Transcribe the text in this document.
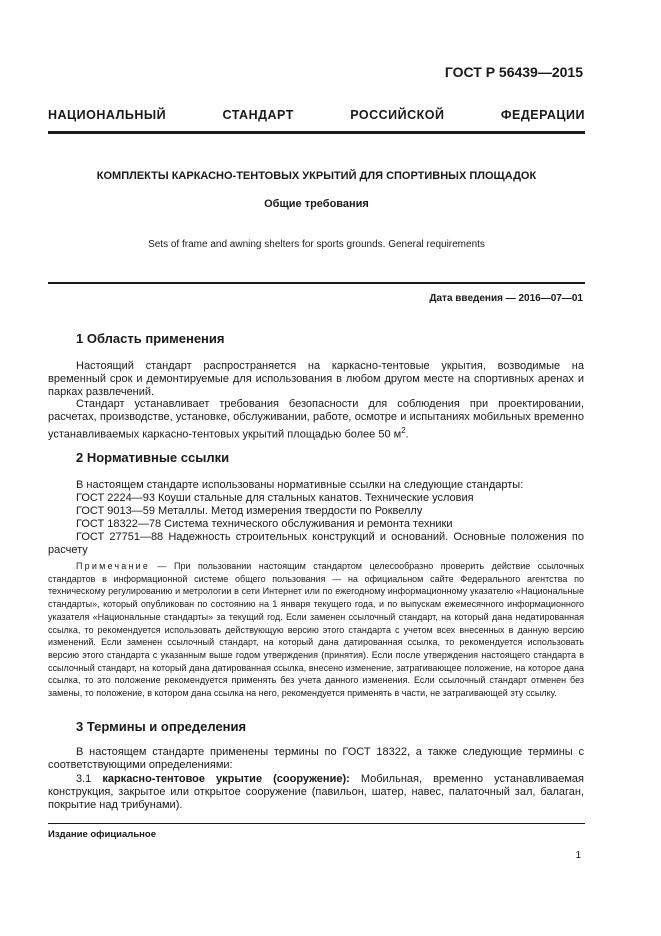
ГОСТ Р 56439—2015
НАЦИОНАЛЬНЫЙ СТАНДАРТ РОССИЙСКОЙ ФЕДЕРАЦИИ
КОМПЛЕКТЫ КАРКАСНО-ТЕНТОВЫХ УКРЫТИЙ ДЛЯ СПОРТИВНЫХ ПЛОЩАДОК
Общие требования
Sets of frame and awning shelters for sports grounds. General requirements
Дата введения — 2016—07—01
1 Область применения

Настоящий стандарт распространяется на каркасно-тентовые укрытия, возводимые на временный срок и демонтируемые для использования в любом другом месте на спортивных аренах и парках развлечений.

Стандарт устанавливает требования безопасности для соблюдения при проектировании, расчетах, производстве, установке, обслуживании, работе, осмотре и испытаниях мобильных временно устанавливаемых каркасно-тентовых укрытий площадью более 50 $м^2$.

2 Нормативные ссылки

В настоящем стандарте использованы нормативные ссылки на следующие стандарты:

ГОСТ 2224—93 Коуши стальные для стальных канатов. Технические условия

ГОСТ 9013—59 Металлы. Метод измерения твердости по Роквеллу

ГОСТ 18322—78 Система технического обслуживания и ремонта техники

ГОСТ 27751—88 Надежность строительных конструкций и оснований. Основные положения по расчету

Примечание — При пользовании настоящим стандартом целесообразно проверить действие ссылочных стандартов в информационной системе общего пользования — на официальном сайте Федерального агентства по техническому регулированию и метрологии в сети Интернет или по ежегодному информационному указателю «Национальные стандарты», который опубликован по состоянию на 1 января текущего года, и по выпускам ежемесячного информационного указателя «Национальные стандарты» за текущий год. Если заменен ссылочный стандарт, на который дана недатированная ссылка, то рекомендуется использовать действующую версию этого стандарта с учетом всех внесенных в данную версию изменений. Если заменен ссылочный стандарт, на который дана датированная ссылка, то рекомендуется использовать версию этого стандарта с указанным выше годом утверждения (принятия). Если после утверждения настоящего стандарта в ссылочный стандарт, на который дана датированная ссылка, внесено изменение, затрагивающее положение, на которое дана ссылка, то это положение рекомендуется применять без учета данного изменения. Если ссылочный стандарт отменен без замены, то положение, в котором дана ссылка на него, рекомендуется применять в части, не затрагивающей эту ссылку.

3 Термины и определения

В настоящем стандарте применены термины по ГОСТ 18322, а также следующие термины с соответствующими определениями:

3.1 каркасно-тентовое укрытие (сооружение): Мобильная, временно устанавливаемая конструкция, закрытое или открытое сооружение (павильон, шатер, навес, палаточный зал, балаган, покрытие над трибунами).

Издание официальное
1
